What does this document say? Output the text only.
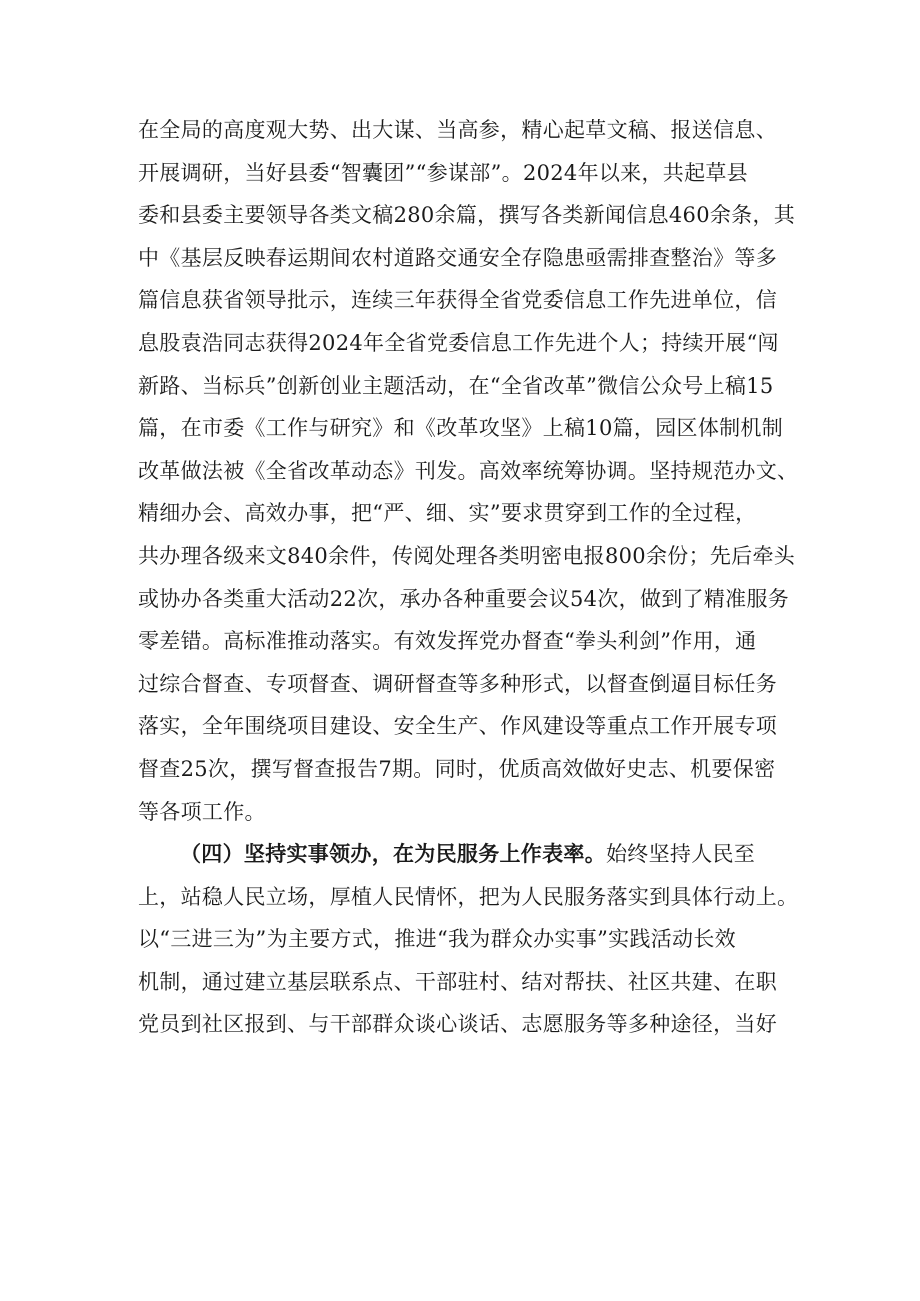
在全局的高度观大势、出大谋、当高参，精心起草文稿、报送信息、
开展调研，当好县委“智囊团”“参谋部”。2024年以来，共起草县
委和县委主要领导各类文稿280余篇，撰写各类新闻信息460余条，其
中《基层反映春运期间农村道路交通安全存隐患亟需排查整治》等多
篇信息获省领导批示，连续三年获得全省党委信息工作先进单位，信
息股袁浩同志获得2024年全省党委信息工作先进个人；持续开展“闯
新路、当标兵”创新创业主题活动，在“全省改革”微信公众号上稿15
篇，在市委《工作与研究》和《改革攻坚》上稿10篇，园区体制机制
改革做法被《全省改革动态》刊发。高效率统筹协调。坚持规范办文、
精细办会、高效办事，把“严、细、实”要求贯穿到工作的全过程，
共办理各级来文840余件，传阅处理各类明密电报800余份；先后牵头
或协办各类重大活动22次，承办各种重要会议54次，做到了精准服务
零差错。高标准推动落实。有效发挥党办督查“拳头利剑”作用，通
过综合督查、专项督查、调研督查等多种形式，以督查倒逼目标任务
落实，全年围绕项目建设、安全生产、作风建设等重点工作开展专项
督查25次，撰写督查报告7期。同时，优质高效做好史志、机要保密
等各项工作。
（四）坚持实事领办，在为民服务上作表率。始终坚持人民至
上，站稳人民立场，厚植人民情怀，把为人民服务落实到具体行动上。
以“三进三为”为主要方式，推进“我为群众办实事”实践活动长效
机制，通过建立基层联系点、干部驻村、结对帮扶、社区共建、在职
党员到社区报到、与干部群众谈心谈话、志愿服务等多种途径，当好
